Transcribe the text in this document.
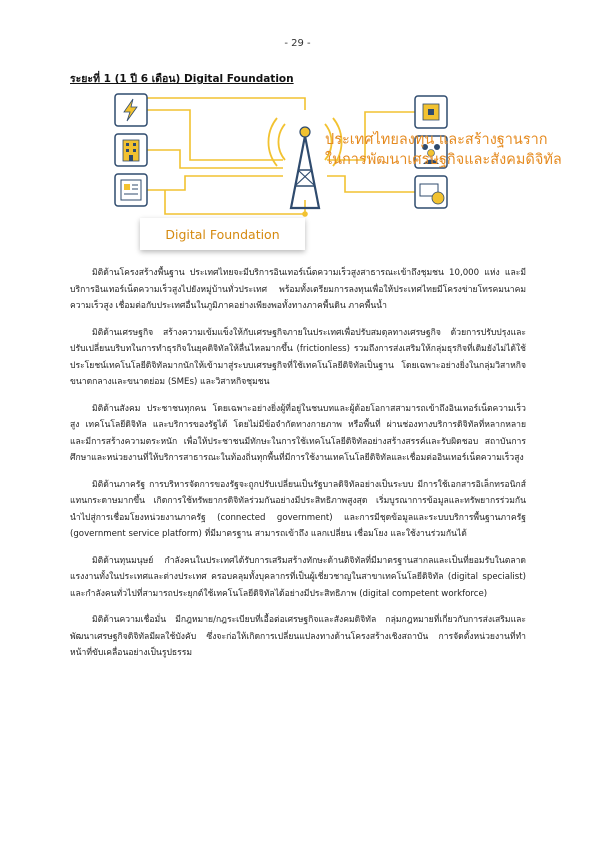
- 29 -
ระยะที่ 1 (1 ปี 6 เดือน) Digital Foundation
ประเทศไทยลงทุน และสร้างฐานราก
ในการพัฒนาเศรษฐกิจและสังคมดิจิทัล
Digital Foundation

มิติด้านโครงสร้างพื้นฐาน ประเทศไทยจะมีบริการอินเทอร์เน็ตความเร็วสูงสาธารณะเข้าถึงชุมชน 10,000 แห่ง และมีบริการอินเทอร์เน็ตความเร็วสูงไปยังหมู่บ้านทั่วประเทศ พร้อมทั้งเตรียมการลงทุนเพื่อให้ประเทศไทยมีโครงข่ายโทรคมนาคมความเร็วสูง เชื่อมต่อกับประเทศอื่นในภูมิภาคอย่างเพียงพอทั้งทางภาคพื้นดิน ภาคพื้นน้ำ

มิติด้านเศรษฐกิจ สร้างความเข้มแข็งให้กับเศรษฐกิจภายในประเทศเพื่อปรับสมดุลทางเศรษฐกิจ ด้วยการปรับปรุงและปรับเปลี่ยนบริบทในการทำธุรกิจในยุคดิจิทัลให้ลื่นไหลมากขึ้น (frictionless) รวมถึงการส่งเสริมให้กลุ่มธุรกิจที่เดิมยังไม่ได้ใช้ประโยชน์เทคโนโลยีดิจิทัลมากนักให้เข้ามาสู่ระบบเศรษฐกิจที่ใช้เทคโนโลยีดิจิทัลเป็นฐาน โดยเฉพาะอย่างยิ่งในกลุ่มวิสาหกิจขนาดกลางและขนาดย่อม (SMEs) และวิสาหกิจชุมชน

มิติด้านสังคม ประชาชนทุกคน โดยเฉพาะอย่างยิ่งผู้ที่อยู่ในชนบทและผู้ด้อยโอกาสสามารถเข้าถึงอินเทอร์เน็ตความเร็วสูง เทคโนโลยีดิจิทัล และบริการของรัฐได้ โดยไม่มีข้อจำกัดทางกายภาพ หรือพื้นที่ ผ่านช่องทางบริการดิจิทัลที่หลากหลาย และมีการสร้างความตระหนัก เพื่อให้ประชาชนมีทักษะในการใช้เทคโนโลยีดิจิทัลอย่างสร้างสรรค์และรับผิดชอบ สถาบันการศึกษาและหน่วยงานที่ให้บริการสาธารณะในท้องถิ่นทุกพื้นที่มีการใช้งานเทคโนโลยีดิจิทัลและเชื่อมต่ออินเทอร์เน็ตความเร็วสูง

มิติด้านภาครัฐ การบริหารจัดการของรัฐจะถูกปรับเปลี่ยนเป็นรัฐบาลดิจิทัลอย่างเป็นระบบ มีการใช้เอกสารอิเล็กทรอนิกส์แทนกระดาษมากขึ้น เกิดการใช้ทรัพยากรดิจิทัลร่วมกันอย่างมีประสิทธิภาพสูงสุด เริ่มบูรณาการข้อมูลและทรัพยากรร่วมกัน นำไปสู่การเชื่อมโยงหน่วยงานภาครัฐ (connected government) และการมีชุดข้อมูลและระบบบริการพื้นฐานภาครัฐ (government service platform) ที่มีมาตรฐาน สามารถเข้าถึง แลกเปลี่ยน เชื่อมโยง และใช้งานร่วมกันได้

มิติด้านทุนมนุษย์ กำลังคนในประเทศได้รับการเสริมสร้างทักษะด้านดิจิทัลที่มีมาตรฐานสากลและเป็นที่ยอมรับในตลาดแรงงานทั้งในประเทศและต่างประเทศ ครอบคลุมทั้งบุคลากรที่เป็นผู้เชี่ยวชาญในสาขาเทคโนโลยีดิจิทัล (digital specialist) และกำลังคนทั่วไปที่สามารถประยุกต์ใช้เทคโนโลยีดิจิทัลได้อย่างมีประสิทธิภาพ (digital competent workforce)

มิติด้านความเชื่อมั่น มีกฎหมาย/กฎระเบียบที่เอื้อต่อเศรษฐกิจและสังคมดิจิทัล กลุ่มกฎหมายที่เกี่ยวกับการส่งเสริมและพัฒนาเศรษฐกิจดิจิทัลมีผลใช้บังคับ ซึ่งจะก่อให้เกิดการเปลี่ยนแปลงทางด้านโครงสร้างเชิงสถาบัน การจัดตั้งหน่วยงานที่ทำหน้าที่ขับเคลื่อนอย่างเป็นรูปธรรม
